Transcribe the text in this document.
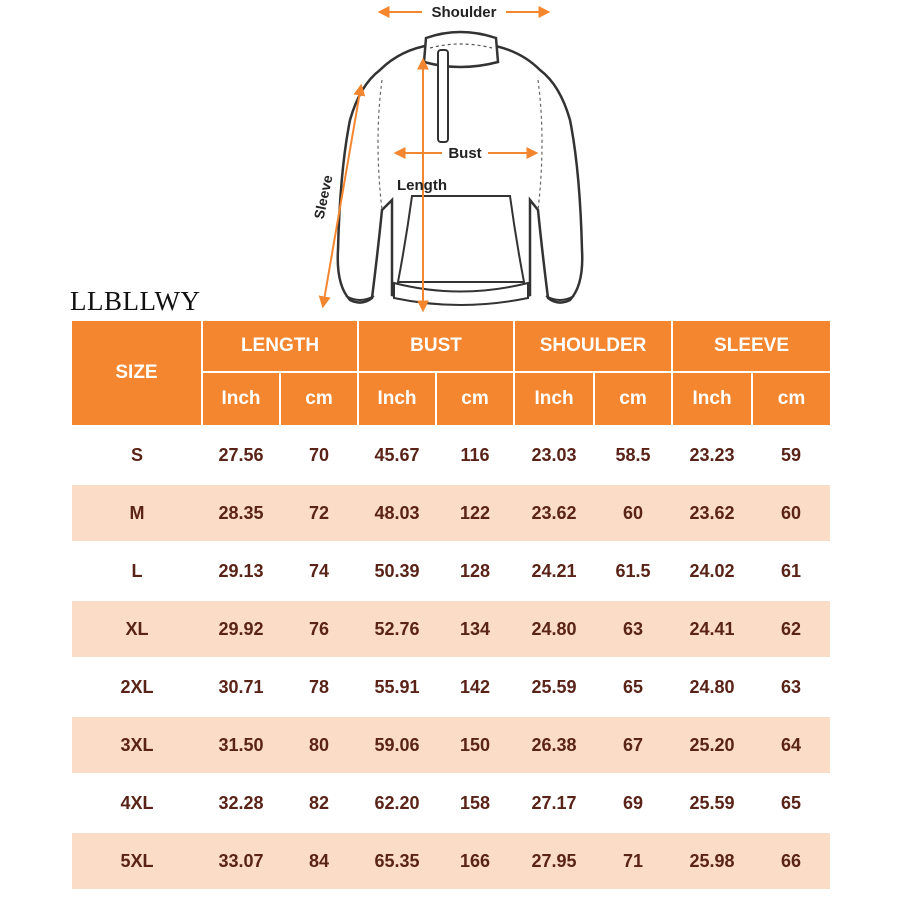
Shoulder
Bust
Length
Sleeve
LLBLLWY
SIZE	LENGTH		BUST		SHOULDER		SLEEVE	
	Inch	cm	Inch	cm	Inch	cm	Inch	cm
S	27.56	70	45.67	116	23.03	58.5	23.23	59
M	28.35	72	48.03	122	23.62	60	23.62	60
L	29.13	74	50.39	128	24.21	61.5	24.02	61
XL	29.92	76	52.76	134	24.80	63	24.41	62
2XL	30.71	78	55.91	142	25.59	65	24.80	63
3XL	31.50	80	59.06	150	26.38	67	25.20	64
4XL	32.28	82	62.20	158	27.17	69	25.59	65
5XL	33.07	84	65.35	166	27.95	71	25.98	66
